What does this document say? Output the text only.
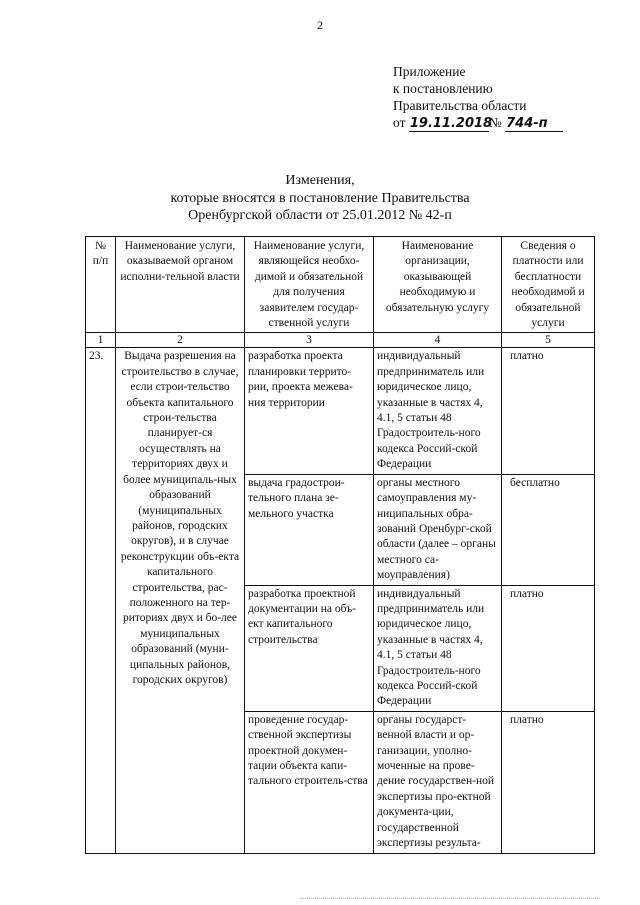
2
Приложение
к постановлению
Правительства области
от 19.11.2018№ 744-п
Изменения,
которые вносятся в постановление Правительства
Оренбургской области от 25.01.2012 № 42-п
№ п/п	Наименование услуги, оказываемой органом исполни-тельной власти	Наименование услуги, являющейся необхо-димой и обязательной для получения заявителем государ-ственной услуги	Наименование организации, оказывающей необходимую и обязательную услугу	Сведения о платности или бесплатности необходимой и обязательной услуги
1	2	3	4	5
23.	Выдача разрешения на строительство в случае, если строи-тельство объекта капитального строи-тельства планирует-ся осуществлять на территориях двух и более муниципаль-ных образований (муниципальных районов, городских округов), и в случае реконструкции объ-екта капитального строительства, рас-положенного на тер-риториях двух и бо-лее муниципальных образований (муни-ципальных районов, городских округов)	разработка проекта планировки террито-рии, проекта межева-ния территории	индивидуальный предприниматель или юридическое лицо, указанные в частях 4, 4.1, 5 статьи 48 Градостроитель-ного кодекса Россий-ской Федерации	платно
		выдача градострои-тельного плана зе-мельного участка	органы местного самоуправления му-ниципальных обра-зований Оренбург-ской области (далее – органы местного са-моуправления)	бесплатно
		разработка проектной документации на объ-ект капитального строительства	индивидуальный предприниматель или юридическое лицо, указанные в частях 4, 4.1, 5 статьи 48 Градостроитель-ного кодекса Россий-ской Федерации	платно
		проведение государ-ственной экспертизы проектной докумен-тации объекта капи-тального строитель-ства	органы государст-венной власти и ор-ганизации, уполно-моченные на прове-дение государствен-ной экспертизы про-ектной документа-ции, государственной экспертизы результа-	платно
